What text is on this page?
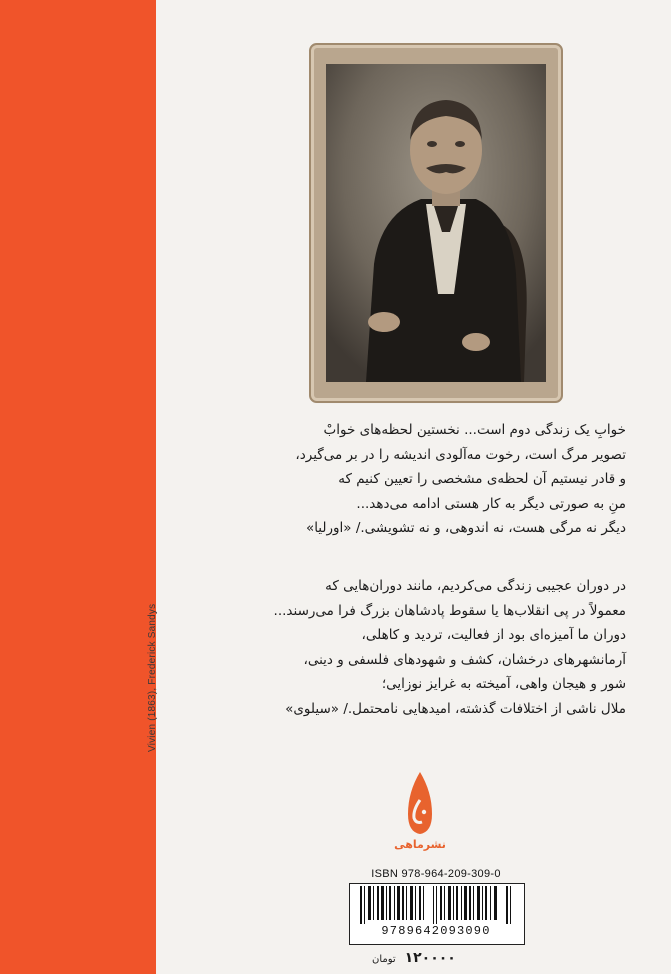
Vivien (1863), Frederick Sandys

خوابِ یک زندگی دوم است... نخستین لحظه‌های خوابْ

تصویر مرگ است، رخوت مه‌آلودی اندیشه را در بر می‌گیرد،

و قادر نیستیم آن لحظه‌ی مشخصی را تعیین کنیم که

منِ به صورتی دیگر به کار هستی ادامه می‌دهد...

دیگر نه مرگی هست، نه اندوهی، و نه تشویشی./ «اورلیا»

در دوران عجیبی زندگی می‌کردیم، مانند دوران‌هایی که

معمولاً در پی انقلاب‌ها یا سقوط پادشاهان بزرگ فرا می‌رسند...

دوران ما آمیزه‌ای بود از فعالیت، تردید و کاهلی،

آرمانشهرهای درخشان، کشف و شهودهای فلسفی و دینی،

شور و هیجان واهی، آمیخته به غرایز نوزایی؛

ملال ناشی از اختلافات گذشته، امیدهایی نامحتمل./ «سیلوی»

نشرماهی
ISBN 978-964-209-309-0
9789642093090
۱۲۰۰۰۰ تومان
